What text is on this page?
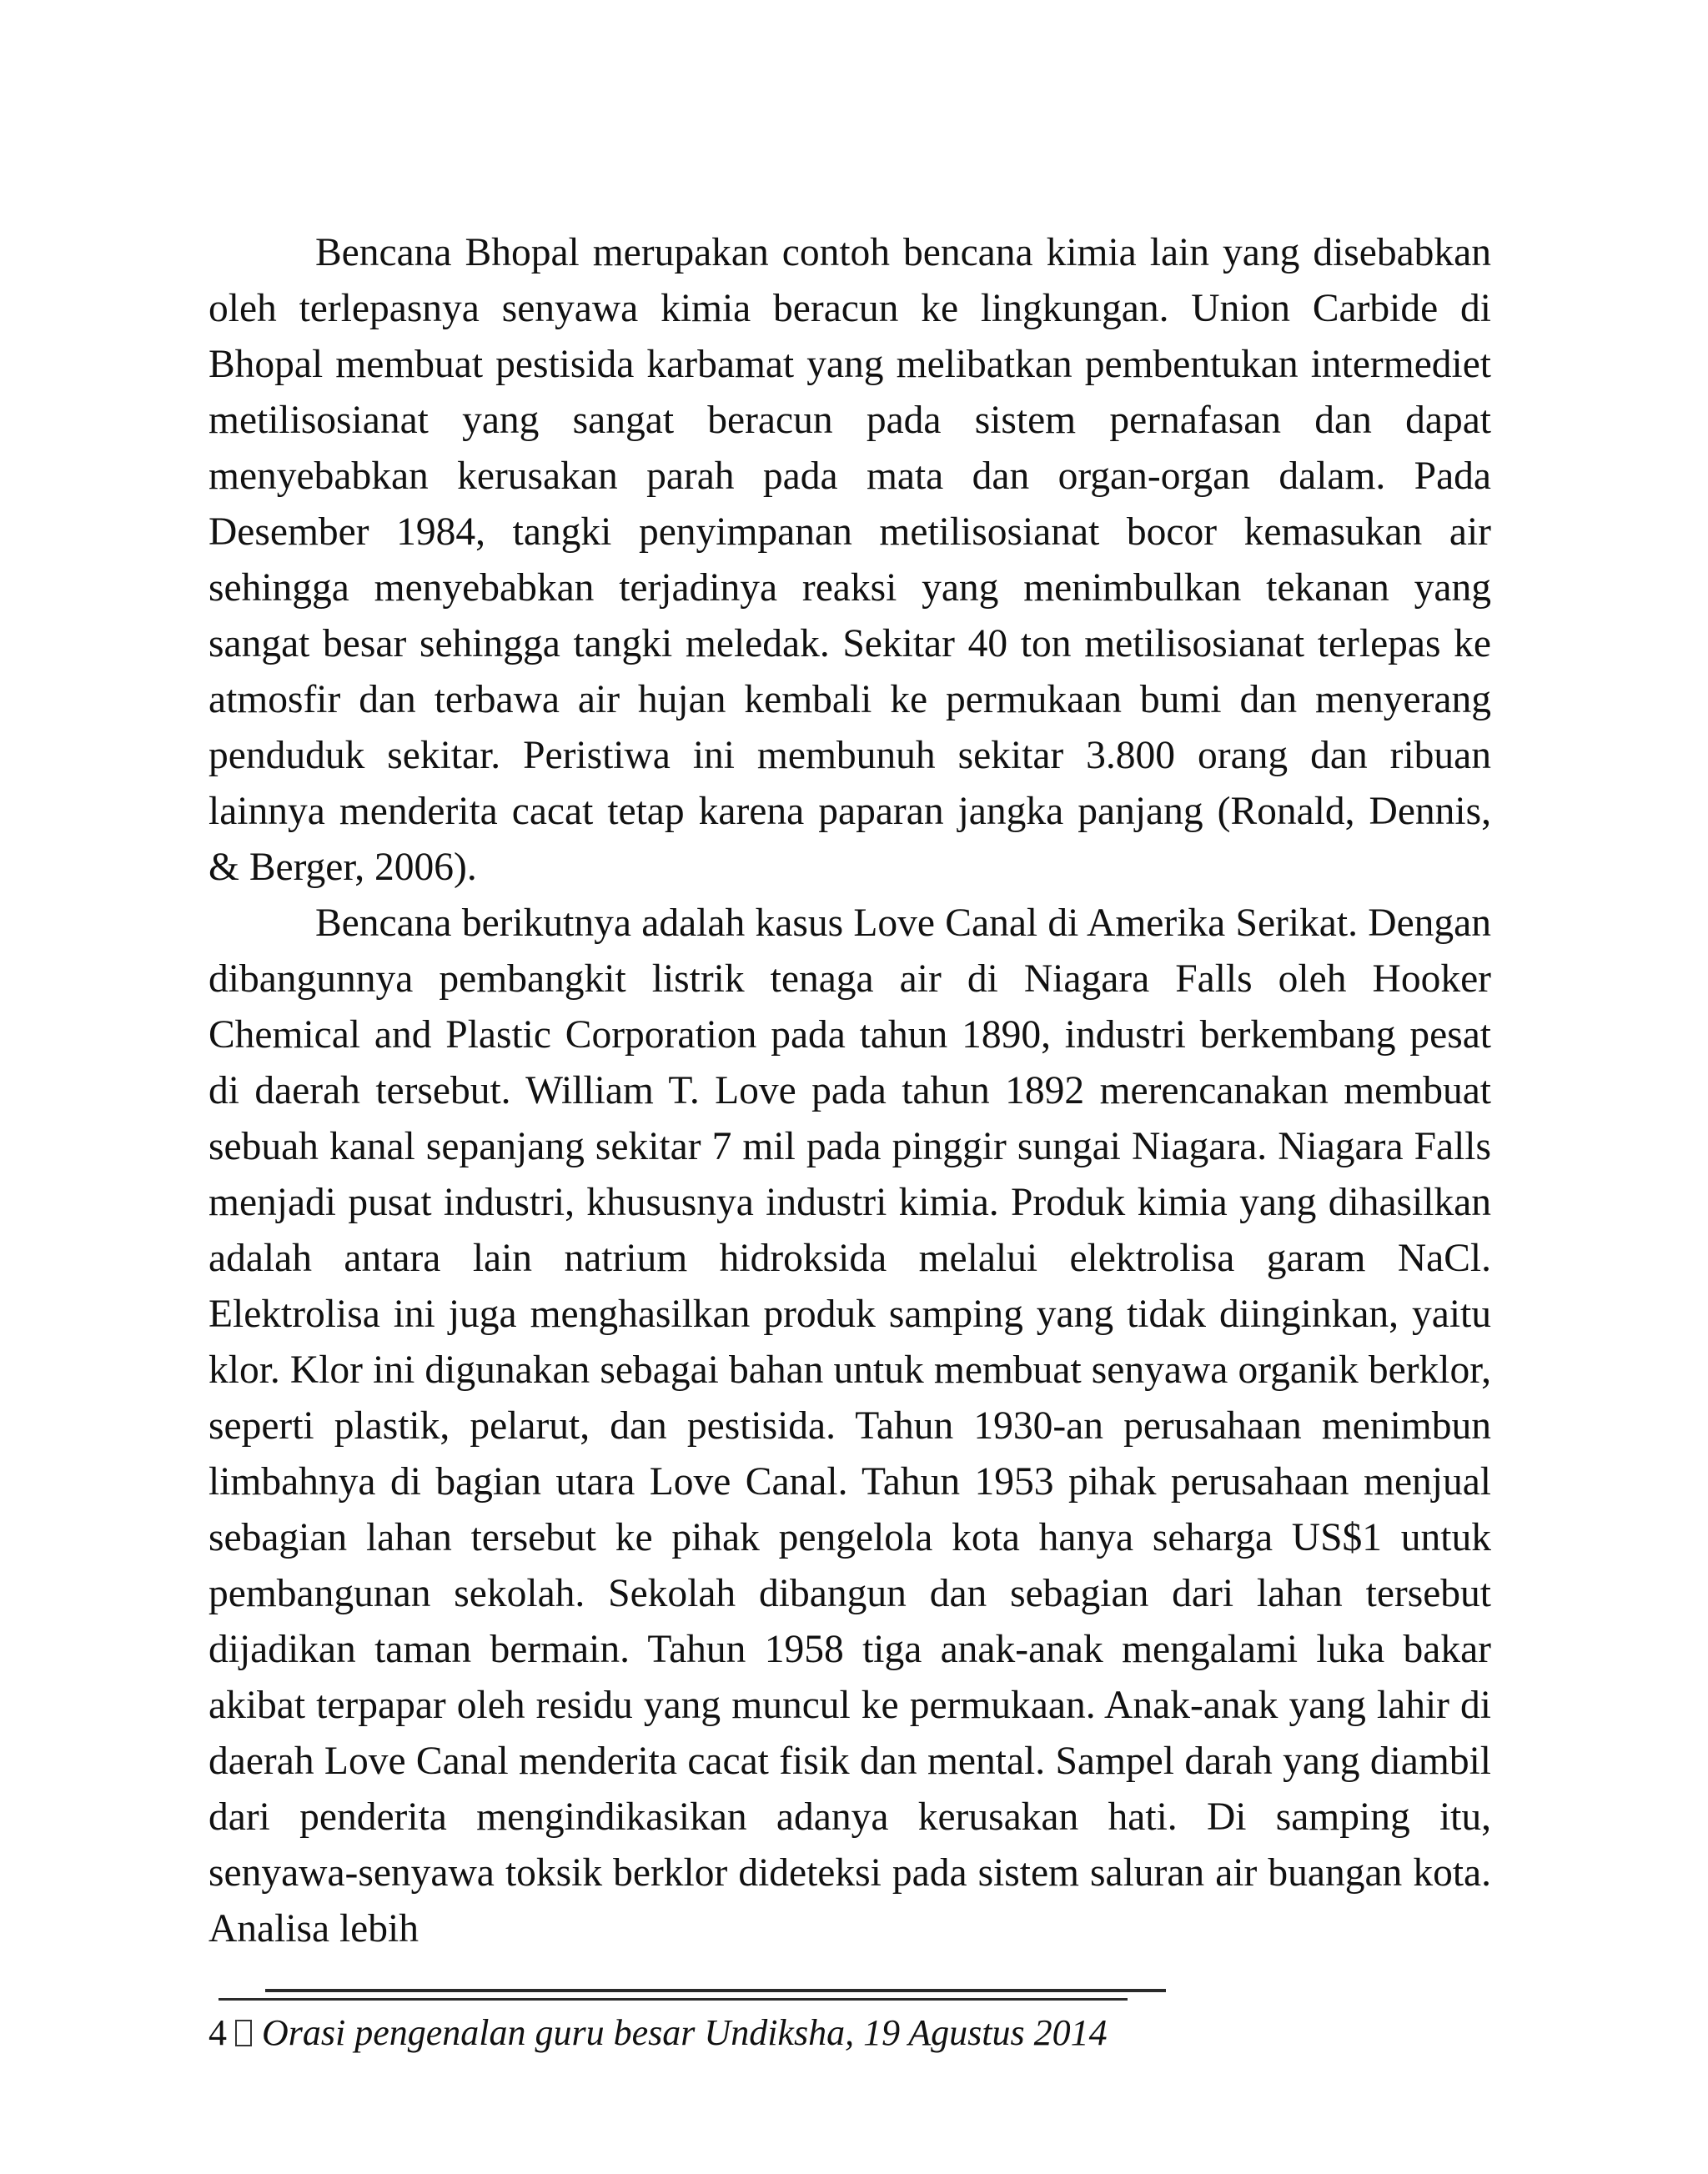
Bencana Bhopal merupakan contoh bencana kimia lain yang disebabkan oleh terlepasnya senyawa kimia beracun ke lingkungan. Union Carbide di Bhopal membuat pestisida karbamat yang melibatkan pembentukan intermediet metilisosianat yang sangat beracun pada sistem pernafasan dan dapat menyebabkan kerusakan parah pada mata dan organ-organ dalam. Pada Desember 1984, tangki penyimpanan metilisosianat bocor kemasukan air sehingga menyebabkan terjadinya reaksi yang menimbulkan tekanan yang sangat besar sehingga tangki meledak. Sekitar 40 ton metilisosianat terlepas ke atmosfir dan terbawa air hujan kembali ke permukaan bumi dan menyerang penduduk sekitar. Peristiwa ini membunuh sekitar 3.800 orang dan ribuan lainnya menderita cacat tetap karena paparan jangka panjang (Ronald, Dennis, & Berger, 2006).

Bencana berikutnya adalah kasus Love Canal di Amerika Serikat. Dengan dibangunnya pembangkit listrik tenaga air di Niagara Falls oleh Hooker Chemical and Plastic Corporation pada tahun 1890, industri berkembang pesat di daerah tersebut. William T. Love pada tahun 1892 merencanakan membuat sebuah kanal sepanjang sekitar 7 mil pada pinggir sungai Niagara. Niagara Falls menjadi pusat industri, khususnya industri kimia. Produk kimia yang dihasilkan adalah antara lain natrium hidroksida melalui elektrolisa garam NaCl. Elektrolisa ini juga menghasilkan produk samping yang tidak diinginkan, yaitu klor. Klor ini digunakan sebagai bahan untuk membuat senyawa organik berklor, seperti plastik, pelarut, dan pestisida. Tahun 1930-an perusahaan menimbun limbahnya di bagian utara Love Canal. Tahun 1953 pihak perusahaan menjual sebagian lahan tersebut ke pihak pengelola kota hanya seharga US$1 untuk pembangunan sekolah. Sekolah dibangun dan sebagian dari lahan tersebut dijadikan taman bermain. Tahun 1958 tiga anak-anak mengalami luka bakar akibat terpapar oleh residu yang muncul ke permukaan. Anak-anak yang lahir di daerah Love Canal menderita cacat fisik dan mental. Sampel darah yang diambil dari penderita mengindikasikan adanya kerusakan hati. Di samping itu, senyawa-senyawa toksik berklor dideteksi pada sistem saluran air buangan kota. Analisa lebih

4 Orasi pengenalan guru besar Undiksha, 19 Agustus 2014
